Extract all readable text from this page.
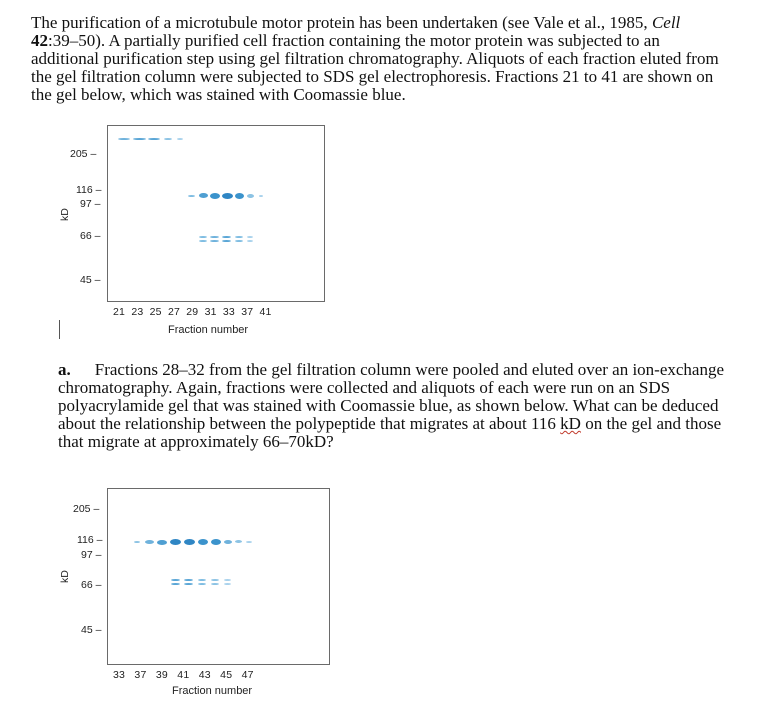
The purification of a microtubule motor protein has been undertaken (see Vale et al., 1985, Cell
42:39–50). A partially purified cell fraction containing the motor protein was subjected to an additional purification step using gel filtration chromatography. Aliquots of each fraction eluted from the gel filtration column were subjected to SDS gel electrophoresis. Fractions 21 to 41 are shown on the gel below, which was stained with Coomassie blue.

205 –
116 –
97 –
66 –
45 –
kD
21  23  25  27  29  31  33  37  41
Fraction number

a. Fractions 28–32 from the gel filtration column were pooled and eluted over an ion-exchange chromatography. Again, fractions were collected and aliquots of each were run on an SDS polyacrylamide gel that was stained with Coomassie blue, as shown below. What can be deduced about the relationship between the polypeptide that migrates at about 116 kD on the gel and those that migrate at approximately 66–70kD?

205 –
116 –
97 –
66 –
45 –
kD
33   37   39   41   43   45   47
Fraction number
